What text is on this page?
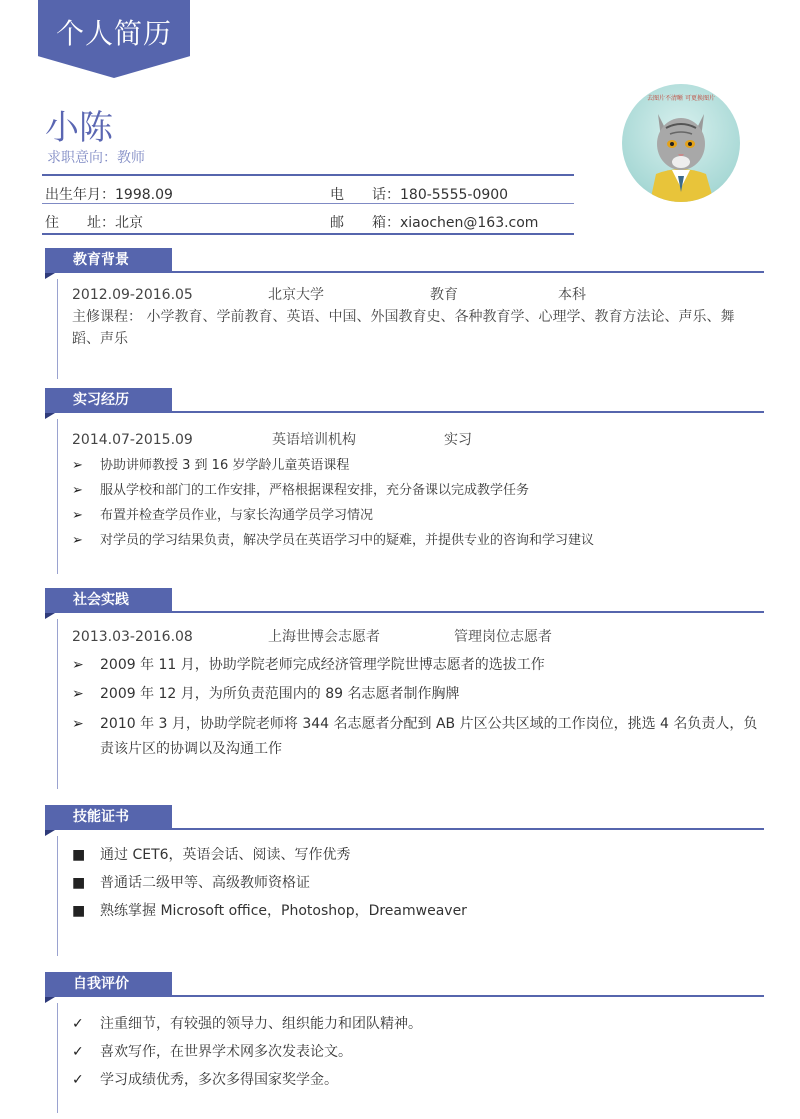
个人简历
小陈
求职意向：教师
出生年月：1998.09	电　　话：180-5555-0900
住　　址：北京	邮　　箱：xiaochen@163.com
去图片不清晰 可更换图片
教育背景
2012.09-2016.05	北京大学	教育	本科
主修课程： 小学教育、学前教育、英语、中国、外国教育史、各种教育学、心理学、教育方法论、声乐、舞蹈、声乐
实习经历
2014.07-2015.09	英语培训机构	实习
➢ 协助讲师教授 3 到 16 岁学龄儿童英语课程
➢ 服从学校和部门的工作安排，严格根据课程安排，充分备课以完成教学任务
➢ 布置并检查学员作业，与家长沟通学员学习情况
➢ 对学员的学习结果负责，解决学员在英语学习中的疑难，并提供专业的咨询和学习建议
社会实践
2013.03-2016.08	上海世博会志愿者	管理岗位志愿者
➢ 2009 年 11 月，协助学院老师完成经济管理学院世博志愿者的选拔工作
➢ 2009 年 12 月，为所负责范围内的 89 名志愿者制作胸牌
➢ 2010 年 3 月，协助学院老师将 344 名志愿者分配到 AB 片区公共区域的工作岗位，挑选 4 名负责人，负责该片区的协调以及沟通工作
技能证书
■ 通过 CET6，英语会话、阅读、写作优秀
■ 普通话二级甲等、高级教师资格证
■ 熟练掌握 Microsoft office，Photoshop，Dreamweaver
自我评价
✓ 注重细节，有较强的领导力、组织能力和团队精神。
✓ 喜欢写作，在世界学术网多次发表论文。
✓ 学习成绩优秀，多次多得国家奖学金。
